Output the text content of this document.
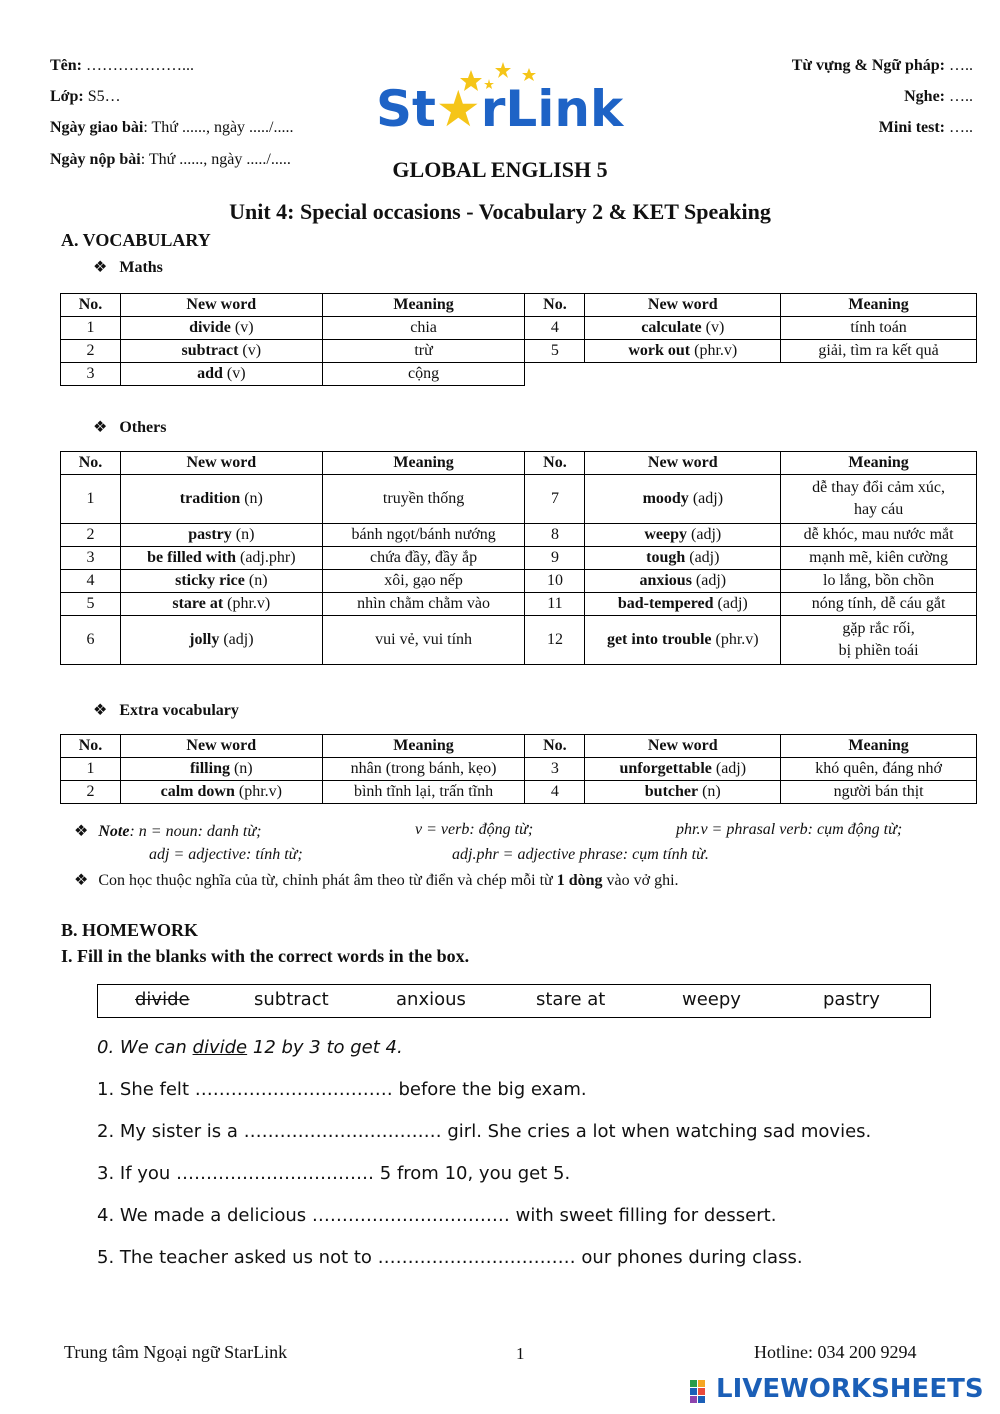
Tên: ………………...
Lớp: S5…
Ngày giao bài: Thứ ......, ngày ...../.....
Ngày nộp bài: Thứ ......, ngày ...../.....
Từ vựng & Ngữ pháp: …..
Nghe: …..
Mini test: …..
St★rLink
GLOBAL ENGLISH 5
Unit 4: Special occasions - Vocabulary 2 & KET Speaking
A. VOCABULARY
❖ Maths
No.	New word	Meaning	No.	New word	Meaning
1	divide (v)	chia	4	calculate (v)	tính toán
2	subtract (v)	trừ	5	work out (phr.v)	giải, tìm ra kết quả
3	add (v)	cộng			
❖ Others
No.	New word	Meaning	No.	New word	Meaning
1	tradition (n)	truyền thống	7	moody (adj)	dễ thay đổi cảm xúc,
hay cáu

2	pastry (n)	bánh ngọt/bánh nướng	8	weepy (adj)	dễ khóc, mau nước mắt
3	be filled with (adj.phr)	chứa đầy, đầy ắp	9	tough (adj)	mạnh mẽ, kiên cường
4	sticky rice (n)	xôi, gạo nếp	10	anxious (adj)	lo lắng, bồn chồn
5	stare at (phr.v)	nhìn chằm chằm vào	11	bad-tempered (adj)	nóng tính, dễ cáu gắt
6	jolly (adj)	vui vẻ, vui tính	12	get into trouble (phr.v)	gặp rắc rối,
bị phiền toái
❖ Extra vocabulary
No.	New word	Meaning	No.	New word	Meaning
1	filling (n)	nhân (trong bánh, kẹo)	3	unforgettable (adj)	khó quên, đáng nhớ
2	calm down (phr.v)	bình tĩnh lại, trấn tĩnh	4	butcher (n)	người bán thịt
❖ Note: n = noun: danh từ;	v = verb: động từ;	phr.v = phrasal verb: cụm động từ;
adj = adjective: tính từ;	adj.phr = adjective phrase: cụm tính từ.
❖ Con học thuộc nghĩa của từ, chỉnh phát âm theo từ điển và chép mỗi từ 1 dòng vào vở ghi.
B. HOMEWORK
I. Fill in the blanks with the correct words in the box.
divide	subtract	anxious	stare at	weepy	pastry
0. We can divide 12 by 3 to get 4.
1. She felt …………………………… before the big exam.
2. My sister is a …………………………… girl. She cries a lot when watching sad movies.
3. If you …………………………… 5 from 10, you get 5.
4. We made a delicious …………………………… with sweet filling for dessert.
5. The teacher asked us not to …………………………… our phones during class.
Trung tâm Ngoại ngữ StarLink	1	Hotline: 034 200 9294
LIVEWORKSHEETS
